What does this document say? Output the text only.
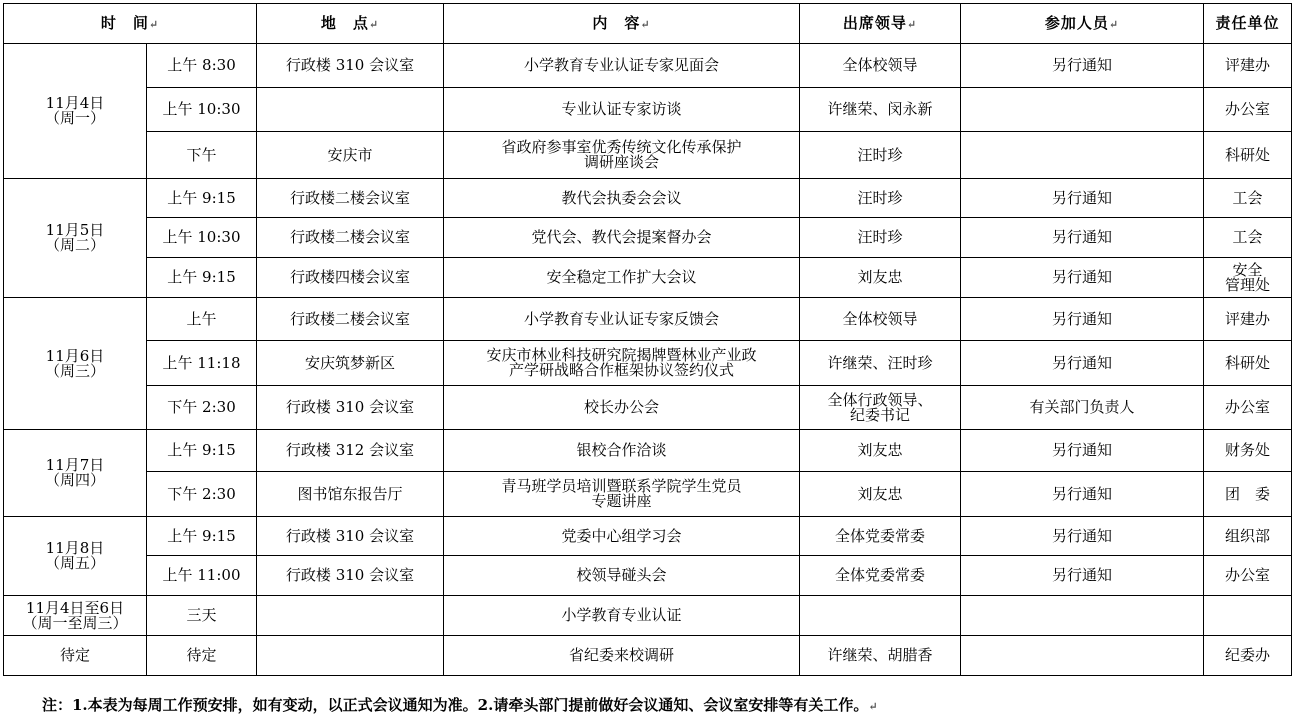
时　间↵		地　点↵	内　容↵	出席领导↵	参加人员↵	责任单位
11月4日
（周一）	上午 8:30	行政楼 310 会议室	小学教育专业认证专家见面会	全体校领导	另行通知	评建办
	上午 10:30		专业认证专家访谈	许继荣、闵永新		办公室
	下午	安庆市	省政府参事室优秀传统文化传承保护
调研座谈会	汪时珍		科研处
11月5日
（周二）	上午 9:15	行政楼二楼会议室	教代会执委会会议	汪时珍	另行通知	工会
	上午 10:30	行政楼二楼会议室	党代会、教代会提案督办会	汪时珍	另行通知	工会
	上午 9:15	行政楼四楼会议室	安全稳定工作扩大会议	刘友忠	另行通知	安全
管理处
11月6日
（周三）	上午	行政楼二楼会议室	小学教育专业认证专家反馈会	全体校领导	另行通知	评建办
	上午 11:18	安庆筑梦新区	安庆市林业科技研究院揭牌暨林业产业政
产学研战略合作框架协议签约仪式	许继荣、汪时珍	另行通知	科研处
	下午 2:30	行政楼 310 会议室	校长办公会	全体行政领导、
纪委书记	有关部门负责人	办公室
11月7日
（周四）	上午 9:15	行政楼 312 会议室	银校合作洽谈	刘友忠	另行通知	财务处
	下午 2:30	图书馆东报告厅	青马班学员培训暨联系学院学生党员
专题讲座	刘友忠	另行通知	团　委
11月8日
（周五）	上午 9:15	行政楼 310 会议室	党委中心组学习会	全体党委常委	另行通知	组织部
	上午 11:00	行政楼 310 会议室	校领导碰头会	全体党委常委	另行通知	办公室
11月4日至6日
（周一至周三）	三天		小学教育专业认证			
待定	待定		省纪委来校调研	许继荣、胡腊香		纪委办
注：1.本表为每周工作预安排，如有变动，以正式会议通知为准。2.请牵头部门提前做好会议通知、会议室安排等有关工作。↵
